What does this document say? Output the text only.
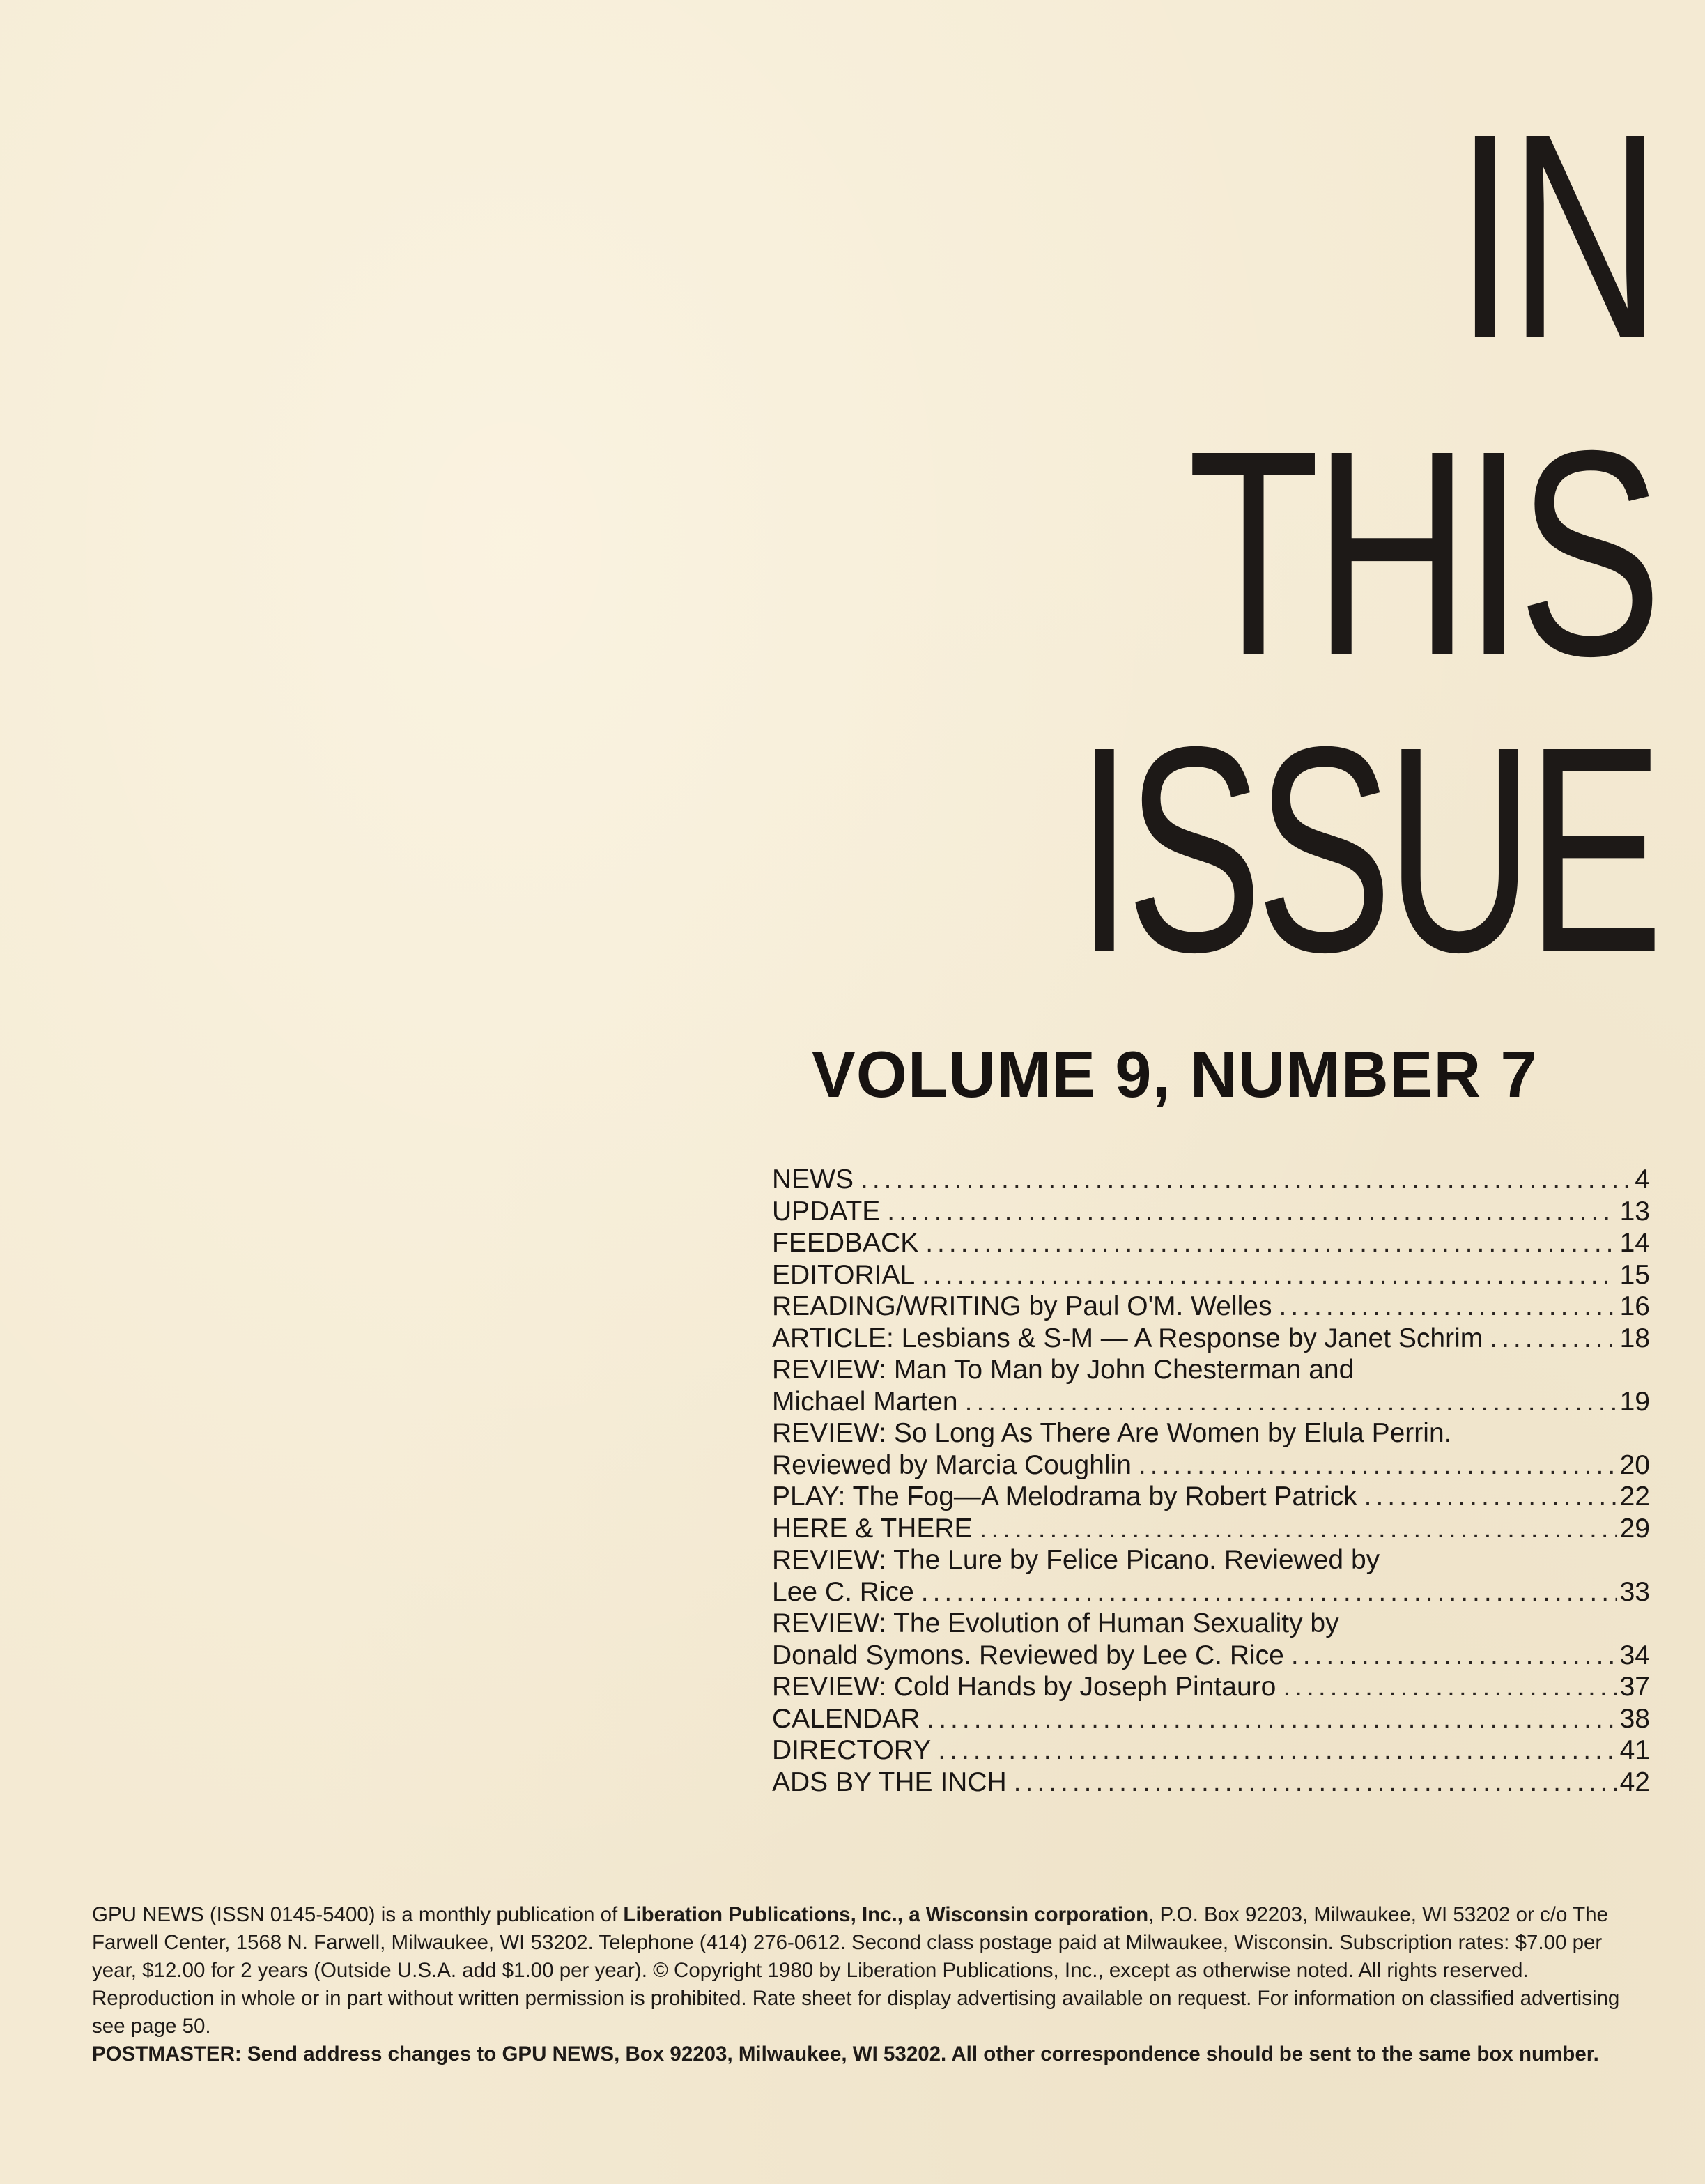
IN
THIS
ISSUE
VOLUME 9, NUMBER 7
NEWS .....	4
UPDATE .....	13
FEEDBACK .....	14
EDITORIAL .....	15
READING/WRITING by Paul O'M. Welles .....	16
ARTICLE: Lesbians & S-M — A Response by Janet Schrim .....	18
REVIEW: Man To Man by John Chesterman and
Michael Marten .....	19
REVIEW: So Long As There Are Women by Elula Perrin.
Reviewed by Marcia Coughlin .....	20
PLAY: The Fog—A Melodrama by Robert Patrick .....	22
HERE & THERE .....	29
REVIEW: The Lure by Felice Picano. Reviewed by
Lee C. Rice .....	33
REVIEW: The Evolution of Human Sexuality by
Donald Symons. Reviewed by Lee C. Rice .....	34
REVIEW: Cold Hands by Joseph Pintauro .....	37
CALENDAR .....	38
DIRECTORY .....	41
ADS BY THE INCH .....	42

GPU NEWS (ISSN 0145-5400) is a monthly publication of Liberation Publications, Inc., a Wisconsin corporation, P.O. Box 92203, Milwaukee, WI 53202 or c/o The Farwell Center, 1568 N. Farwell, Milwaukee, WI 53202. Telephone (414) 276-0612. Second class postage paid at Milwaukee, Wisconsin. Subscription rates: $7.00 per year, $12.00 for 2 years (Outside U.S.A. add $1.00 per year). © Copyright 1980 by Liberation Publications, Inc., except as otherwise noted. All rights reserved. Reproduction in whole or in part without written permission is prohibited. Rate sheet for display advertising available on request. For information on classified advertising see page 50.

POSTMASTER: Send address changes to GPU NEWS, Box 92203, Milwaukee, WI 53202. All other correspondence should be sent to the same box number.
